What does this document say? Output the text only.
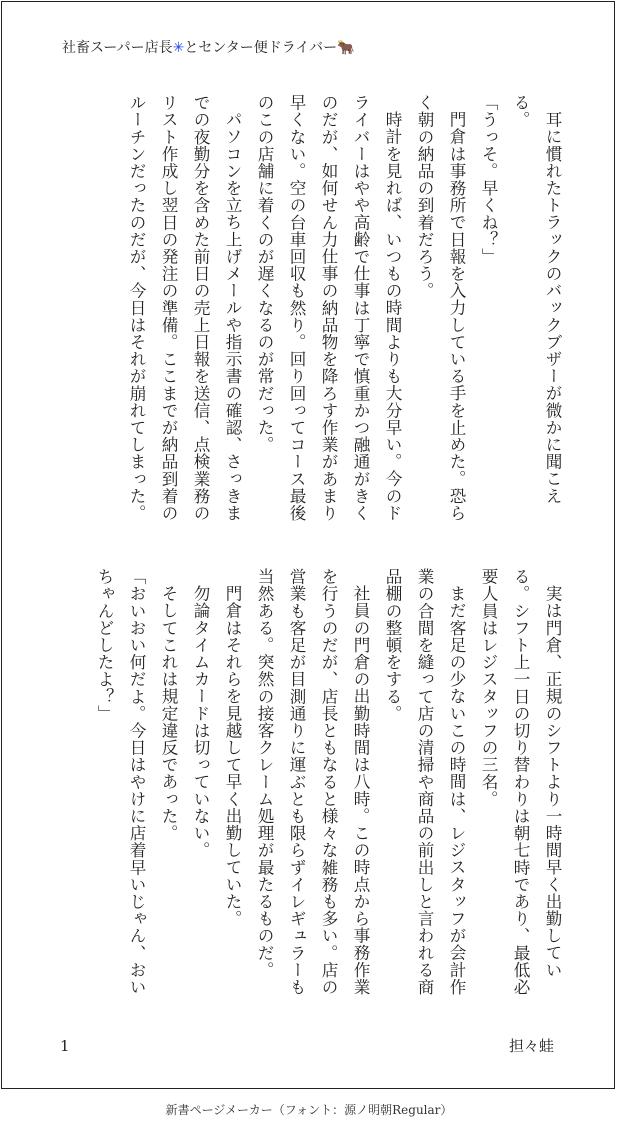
社畜スーパー店長✳とセンター便ドライバー🐂

耳に慣れたトラックのバックブザーが微かに聞こえる。

「うっそ。早くね？」

門倉は事務所で日報を入力している手を止めた。恐らく朝の納品の到着だろう。

時計を見れば、いつもの時間よりも大分早い。今のドライバーはやや高齢で仕事は丁寧で慎重かつ融通がきくのだが、如何せん力仕事の納品物を降ろす作業があまり早くない。空の台車回収も然り。回り回ってコース最後のこの店舗に着くのが遅くなるのが常だった。

パソコンを立ち上げメールや指示書の確認、さっきまでの夜勤分を含めた前日の売上日報を送信、点検業務のリスト作成し翌日の発注の準備。ここまでが納品到着のルーチンだったのだが、今日はそれが崩れてしまった。

実は門倉、正規のシフトより一時間早く出勤している。シフト上一日の切り替わりは朝七時であり、最低必要人員はレジスタッフの三名。

まだ客足の少ないこの時間は、レジスタッフが会計作業の合間を縫って店の清掃や商品の前出しと言われる商品棚の整頓をする。

社員の門倉の出勤時間は八時。この時点から事務作業を行うのだが、店長ともなると様々な雑務も多い。店の営業も客足が目測通りに運ぶとも限らずイレギュラーも当然ある。突然の接客クレーム処理が最たるものだ。

門倉はそれらを見越して早く出勤していた。

勿論タイムカードは切っていない。

そしてこれは規定違反であった。

「おいおい何だよ。今日はやけに店着早いじゃん、おいちゃんどしたよ？」

1	担々蛙
新書ページメーカー（フォント：源ノ明朝Regular）
